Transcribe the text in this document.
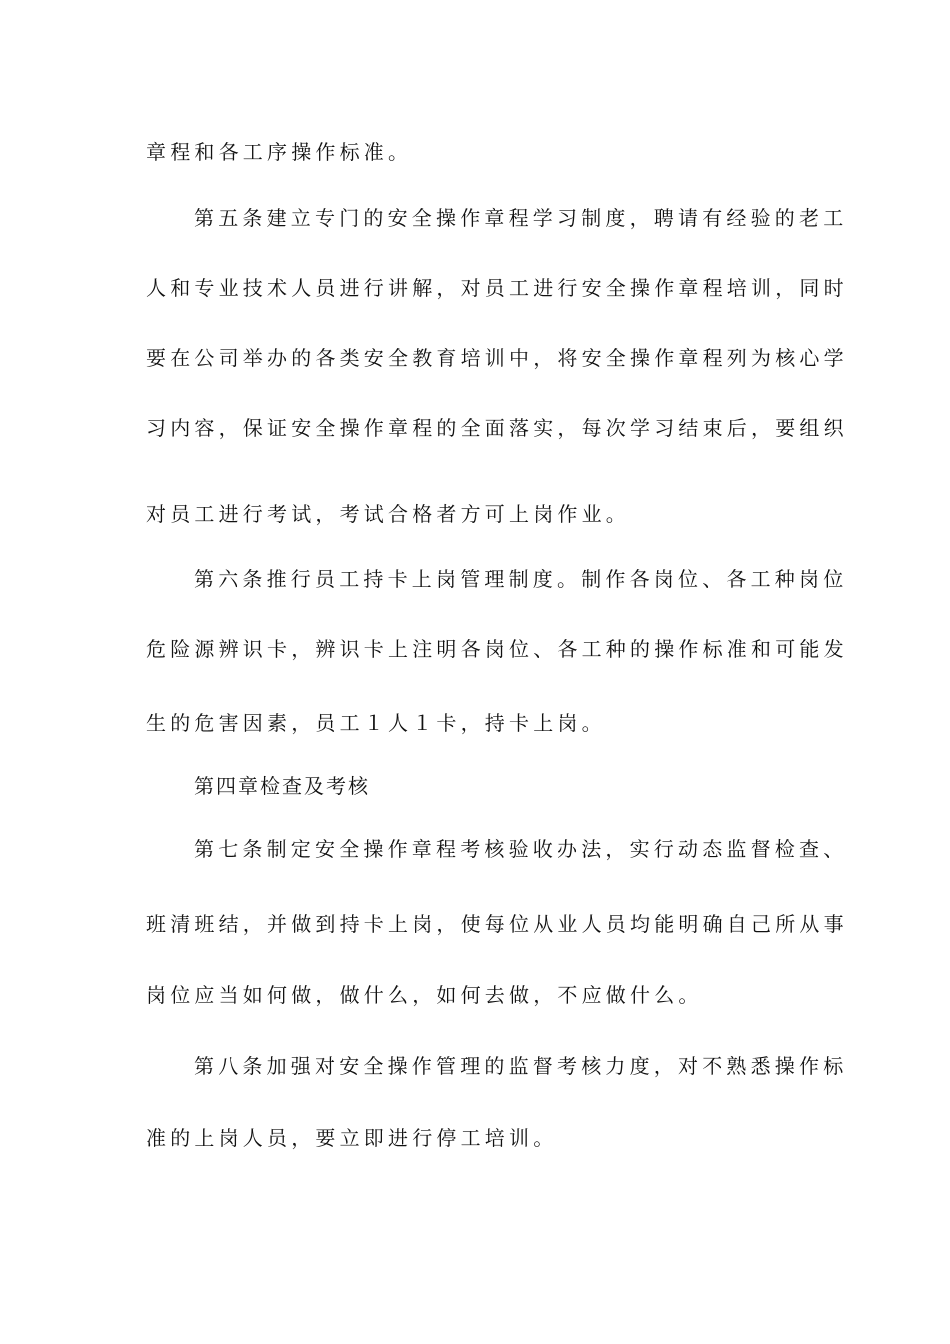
章程和各工序操作标准。
第五条建立专门的安全操作章程学习制度，聘请有经验的老工
人和专业技术人员进行讲解，对员工进行安全操作章程培训，同时
要在公司举办的各类安全教育培训中，将安全操作章程列为核心学
习内容，保证安全操作章程的全面落实，每次学习结束后，要组织
对员工进行考试，考试合格者方可上岗作业。
第六条推行员工持卡上岗管理制度。制作各岗位、各工种岗位
危险源辨识卡，辨识卡上注明各岗位、各工种的操作标准和可能发
生的危害因素，员工１人１卡，持卡上岗。
第四章检查及考核
第七条制定安全操作章程考核验收办法，实行动态监督检查、
班清班结，并做到持卡上岗，使每位从业人员均能明确自己所从事
岗位应当如何做，做什么，如何去做，不应做什么。
第八条加强对安全操作管理的监督考核力度，对不熟悉操作标
准的上岗人员，要立即进行停工培训。
